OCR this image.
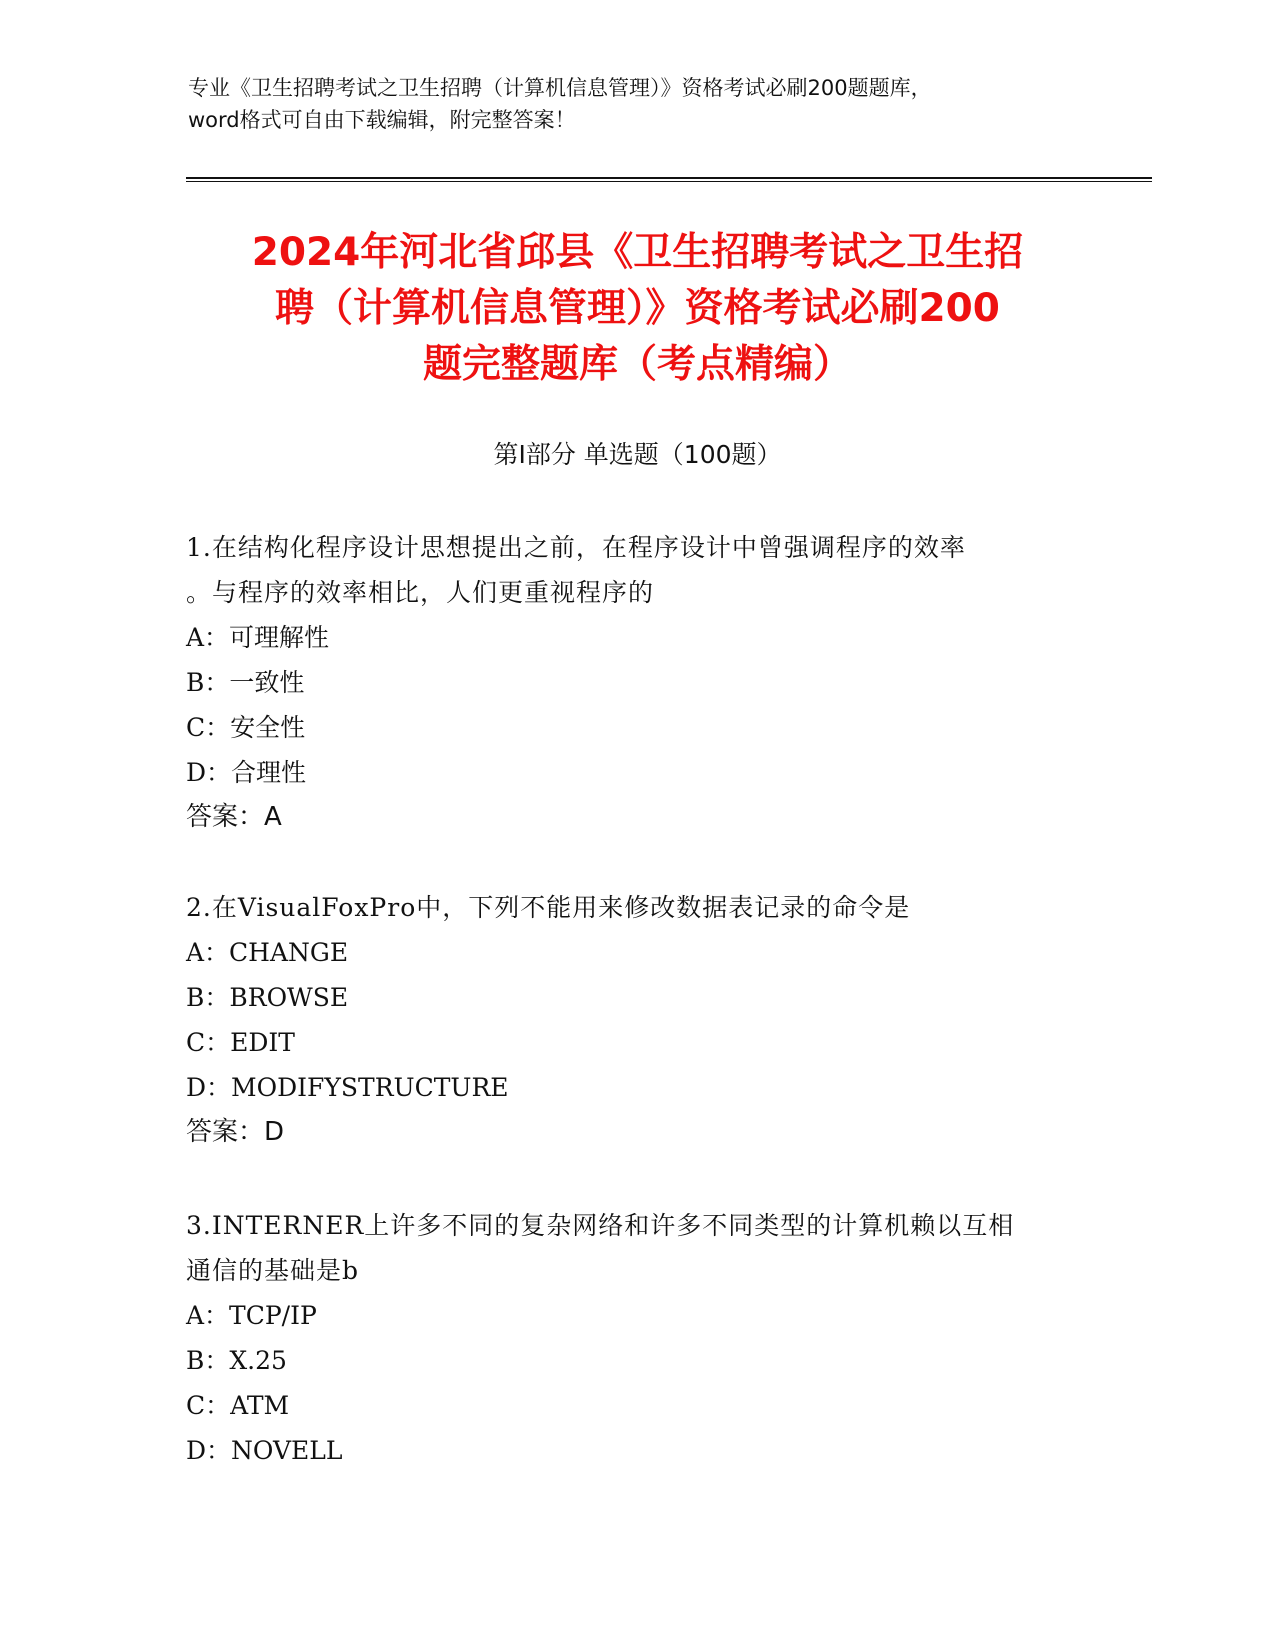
专业《卫生招聘考试之卫生招聘（计算机信息管理）》资格考试必刷200题题库，
word格式可自由下载编辑，附完整答案！
2024年河北省邱县《卫生招聘考试之卫生招
聘（计算机信息管理）》资格考试必刷200
题完整题库（考点精编）
第Ⅰ部分 单选题（100题）
1.在结构化程序设计思想提出之前，在程序设计中曾强调程序的效率
。与程序的效率相比，人们更重视程序的
A：可理解性
B：一致性
C：安全性
D：合理性
答案：A
2.在VisualFoxPro中，下列不能用来修改数据表记录的命令是
A：CHANGE
B：BROWSE
C：EDIT
D：MODIFYSTRUCTURE
答案：D
3.INTERNER上许多不同的复杂网络和许多不同类型的计算机赖以互相
通信的基础是b
A：TCP/IP
B：X.25
C：ATM
D：NOVELL
